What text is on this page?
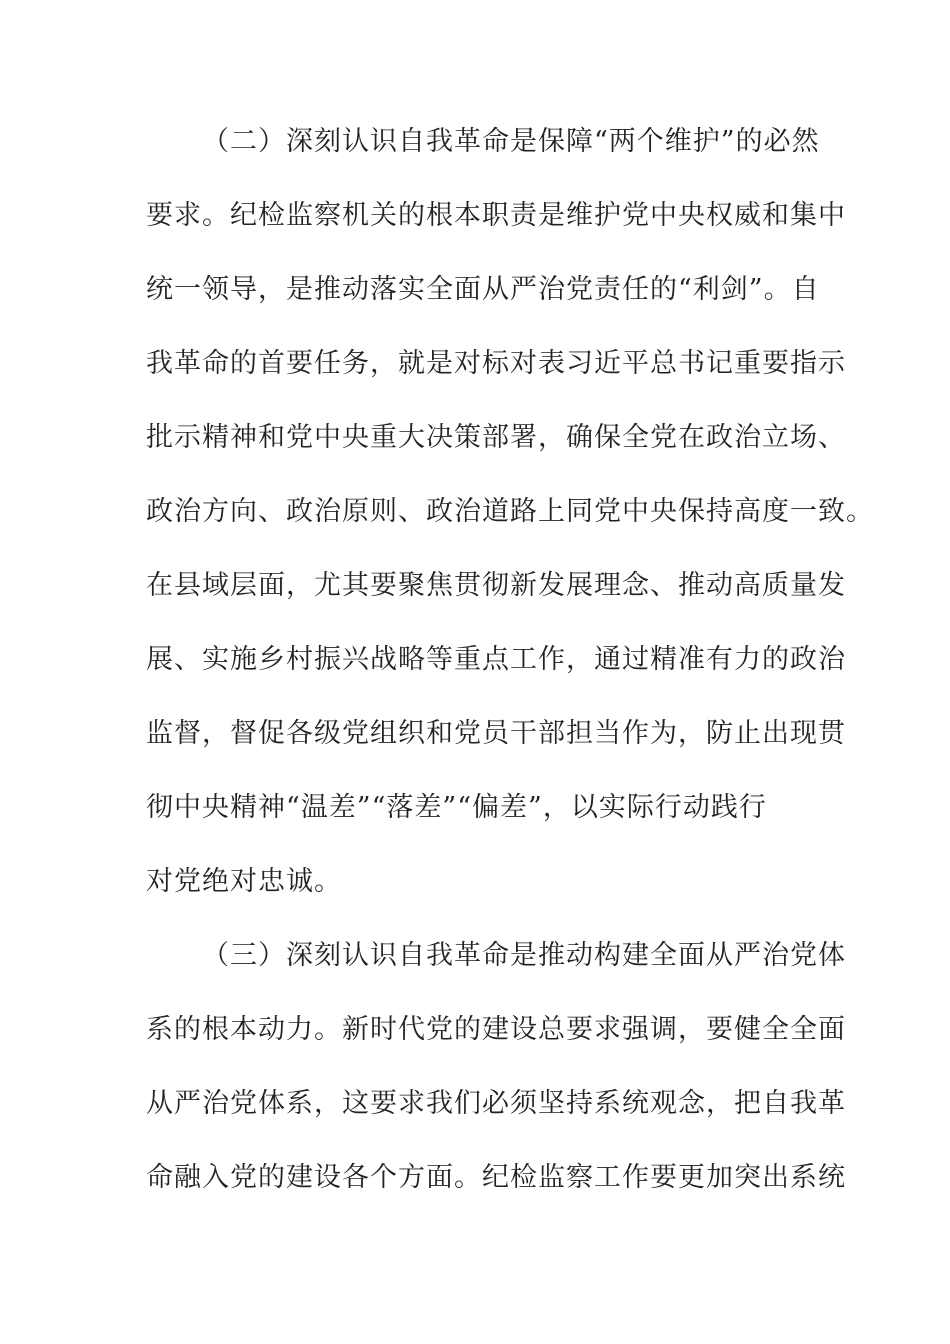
（二）深刻认识自我革命是保障“两个维护”的必然

要求。纪检监察机关的根本职责是维护党中央权威和集中

统一领导，是推动落实全面从严治党责任的“利剑”。自

我革命的首要任务，就是对标对表习近平总书记重要指示

批示精神和党中央重大决策部署，确保全党在政治立场、

政治方向、政治原则、政治道路上同党中央保持高度一致。

在县域层面，尤其要聚焦贯彻新发展理念、推动高质量发

展、实施乡村振兴战略等重点工作，通过精准有力的政治

监督，督促各级党组织和党员干部担当作为，防止出现贯

彻中央精神“温差”“落差”“偏差”，以实际行动践行

对党绝对忠诚。

（三）深刻认识自我革命是推动构建全面从严治党体

系的根本动力。新时代党的建设总要求强调，要健全全面

从严治党体系，这要求我们必须坚持系统观念，把自我革

命融入党的建设各个方面。纪检监察工作要更加突出系统
